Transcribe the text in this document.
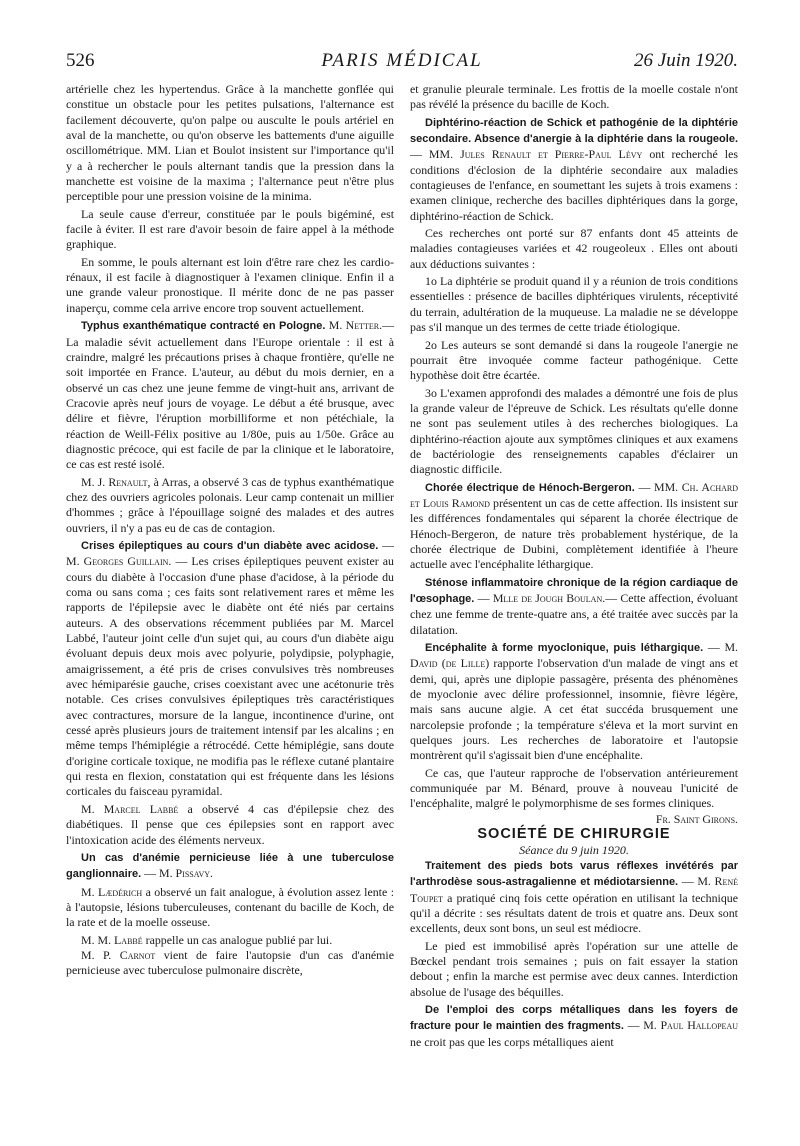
526	PARIS MÉDICAL	26 Juin 1920.

artérielle chez les hypertendus. Grâce à la manchette gonflée qui constitue un obstacle pour les petites pulsations, l'alternance est facilement découverte, qu'on palpe ou ausculte le pouls artériel en aval de la manchette, ou qu'on observe les battements d'une aiguille oscillométrique. MM. Lian et Boulot insistent sur l'importance qu'il y a à rechercher le pouls alternant tandis que la pression dans la manchette est voisine de la maxima ; l'alternance peut n'être plus perceptible pour une pression voisine de la minima.

La seule cause d'erreur, constituée par le pouls bigéminé, est facile à éviter. Il est rare d'avoir besoin de faire appel à la méthode graphique.

En somme, le pouls alternant est loin d'être rare chez les cardio-rénaux, il est facile à diagnostiquer à l'examen clinique. Enfin il a une grande valeur pronostique. Il mérite donc de ne pas passer inaperçu, comme cela arrive encore trop souvent actuellement.

Typhus exanthématique contracté en Pologne. M. Netter.— La maladie sévit actuellement dans l'Europe orientale : il est à craindre, malgré les précautions prises à chaque frontière, qu'elle ne soit importée en France. L'auteur, au début du mois dernier, en a observé un cas chez une jeune femme de vingt-huit ans, arrivant de Cracovie après neuf jours de voyage. Le début a été brusque, avec délire et fièvre, l'éruption morbilliforme et non pétéchiale, la réaction de Weill-Félix positive au 1/80e, puis au 1/50e. Grâce au diagnostic précoce, qui est facile de par la clinique et le laboratoire, ce cas est resté isolé.

M. J. Renault, à Arras, a observé 3 cas de typhus exanthématique chez des ouvriers agricoles polonais. Leur camp contenait un millier d'hommes ; grâce à l'épouillage soigné des malades et des autres ouvriers, il n'y a pas eu de cas de contagion.

Crises épileptiques au cours d'un diabète avec acidose. — M. Georges Guillain. — Les crises épileptiques peuvent exister au cours du diabète à l'occasion d'une phase d'acidose, à la période du coma ou sans coma ; ces faits sont relativement rares et même les rapports de l'épilepsie avec le diabète ont été niés par certains auteurs. A des observations récemment publiées par M. Marcel Labbé, l'auteur joint celle d'un sujet qui, au cours d'un diabète aigu évoluant depuis deux mois avec polyurie, polydipsie, polyphagie, amaigrissement, a été pris de crises convulsives très nombreuses avec hémiparésie gauche, crises coexistant avec une acétonurie très notable. Ces crises convulsives épileptiques très caractéristiques avec contractures, morsure de la langue, incontinence d'urine, ont cessé après plusieurs jours de traitement intensif par les alcalins ; en même temps l'hémiplégie a rétrocédé. Cette hémiplégie, sans doute d'origine corticale toxique, ne modifia pas le réflexe cutané plantaire qui resta en flexion, constatation qui est fréquente dans les lésions corticales du faisceau pyramidal.

M. Marcel Labbé a observé 4 cas d'épilepsie chez des diabétiques. Il pense que ces épilepsies sont en rapport avec l'intoxication acide des éléments nerveux.

Un cas d'anémie pernicieuse liée à une tuberculose ganglionnaire. — M. Pissavy.

M. Lædérich a observé un fait analogue, à évolution assez lente : à l'autopsie, lésions tuberculeuses, contenant du bacille de Koch, de la rate et de la moelle osseuse.

M. M. Labbé rappelle un cas analogue publié par lui.

M. P. Carnot vient de faire l'autopsie d'un cas d'anémie pernicieuse avec tuberculose pulmonaire discrète,

et granulie pleurale terminale. Les frottis de la moelle costale n'ont pas révélé la présence du bacille de Koch.

Diphtérino-réaction de Schick et pathogénie de la diphtérie secondaire. Absence d'anergie à la diphtérie dans la rougeole. — MM. Jules Renault et Pierre-Paul Lévy ont recherché les conditions d'éclosion de la diphtérie secondaire aux maladies contagieuses de l'enfance, en soumettant les sujets à trois examens : examen clinique, recherche des bacilles diphtériques dans la gorge, diphtérino-réaction de Schick.

Ces recherches ont porté sur 87 enfants dont 45 atteints de maladies contagieuses variées et 42 rougeoleux . Elles ont abouti aux déductions suivantes :

1o La diphtérie se produit quand il y a réunion de trois conditions essentielles : présence de bacilles diphtériques virulents, réceptivité du terrain, adultération de la muqueuse. La maladie ne se développe pas s'il manque un des termes de cette triade étiologique.

2o Les auteurs se sont demandé si dans la rougeole l'anergie ne pourrait être invoquée comme facteur pathogénique. Cette hypothèse doit être écartée.

3o L'examen approfondi des malades a démontré une fois de plus la grande valeur de l'épreuve de Schick. Les résultats qu'elle donne ne sont pas seulement utiles à des recherches biologiques. La diphtérino-réaction ajoute aux symptômes cliniques et aux examens de bactériologie des renseignements capables d'éclairer un diagnostic difficile.

Chorée électrique de Hénoch-Bergeron. — MM. Ch. Achard et Louis Ramond présentent un cas de cette affection. Ils insistent sur les différences fondamentales qui séparent la chorée électrique de Hénoch-Bergeron, de nature très probablement hystérique, de la chorée électrique de Dubini, complètement identifiée à l'heure actuelle avec l'encéphalite léthargique.

Sténose inflammatoire chronique de la région cardiaque de l'œsophage. — Mlle de Jough Boulan.— Cette affection, évoluant chez une femme de trente-quatre ans, a été traitée avec succès par la dilatation.

Encéphalite à forme myoclonique, puis léthargique. — M. David (de Lille) rapporte l'observation d'un malade de vingt ans et demi, qui, après une diplopie passagère, présenta des phénomènes de myoclonie avec délire professionnel, insomnie, fièvre légère, mais sans aucune algie. A cet état succéda brusquement une narcolepsie profonde ; la température s'éleva et la mort survint en quelques jours. Les recherches de laboratoire et l'autopsie montrèrent qu'il s'agissait bien d'une encéphalite.

Ce cas, que l'auteur rapproche de l'observation antérieurement communiquée par M. Bénard, prouve à nouveau l'unicité de l'encéphalite, malgré le polymorphisme de ses formes cliniques.
Fr. Saint Girons.

SOCIÉTÉ DE CHIRURGIE

Séance du 9 juin 1920.

Traitement des pieds bots varus réflexes invétérés par l'arthrodèse sous-astragalienne et médiotarsienne. — M. René Toupet a pratiqué cinq fois cette opération en utilisant la technique qu'il a décrite : ses résultats datent de trois et quatre ans. Deux sont excellents, deux sont bons, un seul est médiocre.

Le pied est immobilisé après l'opération sur une attelle de Bœckel pendant trois semaines ; puis on fait essayer la station debout ; enfin la marche est permise avec deux cannes. Interdiction absolue de l'usage des béquilles.

De l'emploi des corps métalliques dans les foyers de fracture pour le maintien des fragments. — M. Paul Hallopeau ne croit pas que les corps métalliques aient
